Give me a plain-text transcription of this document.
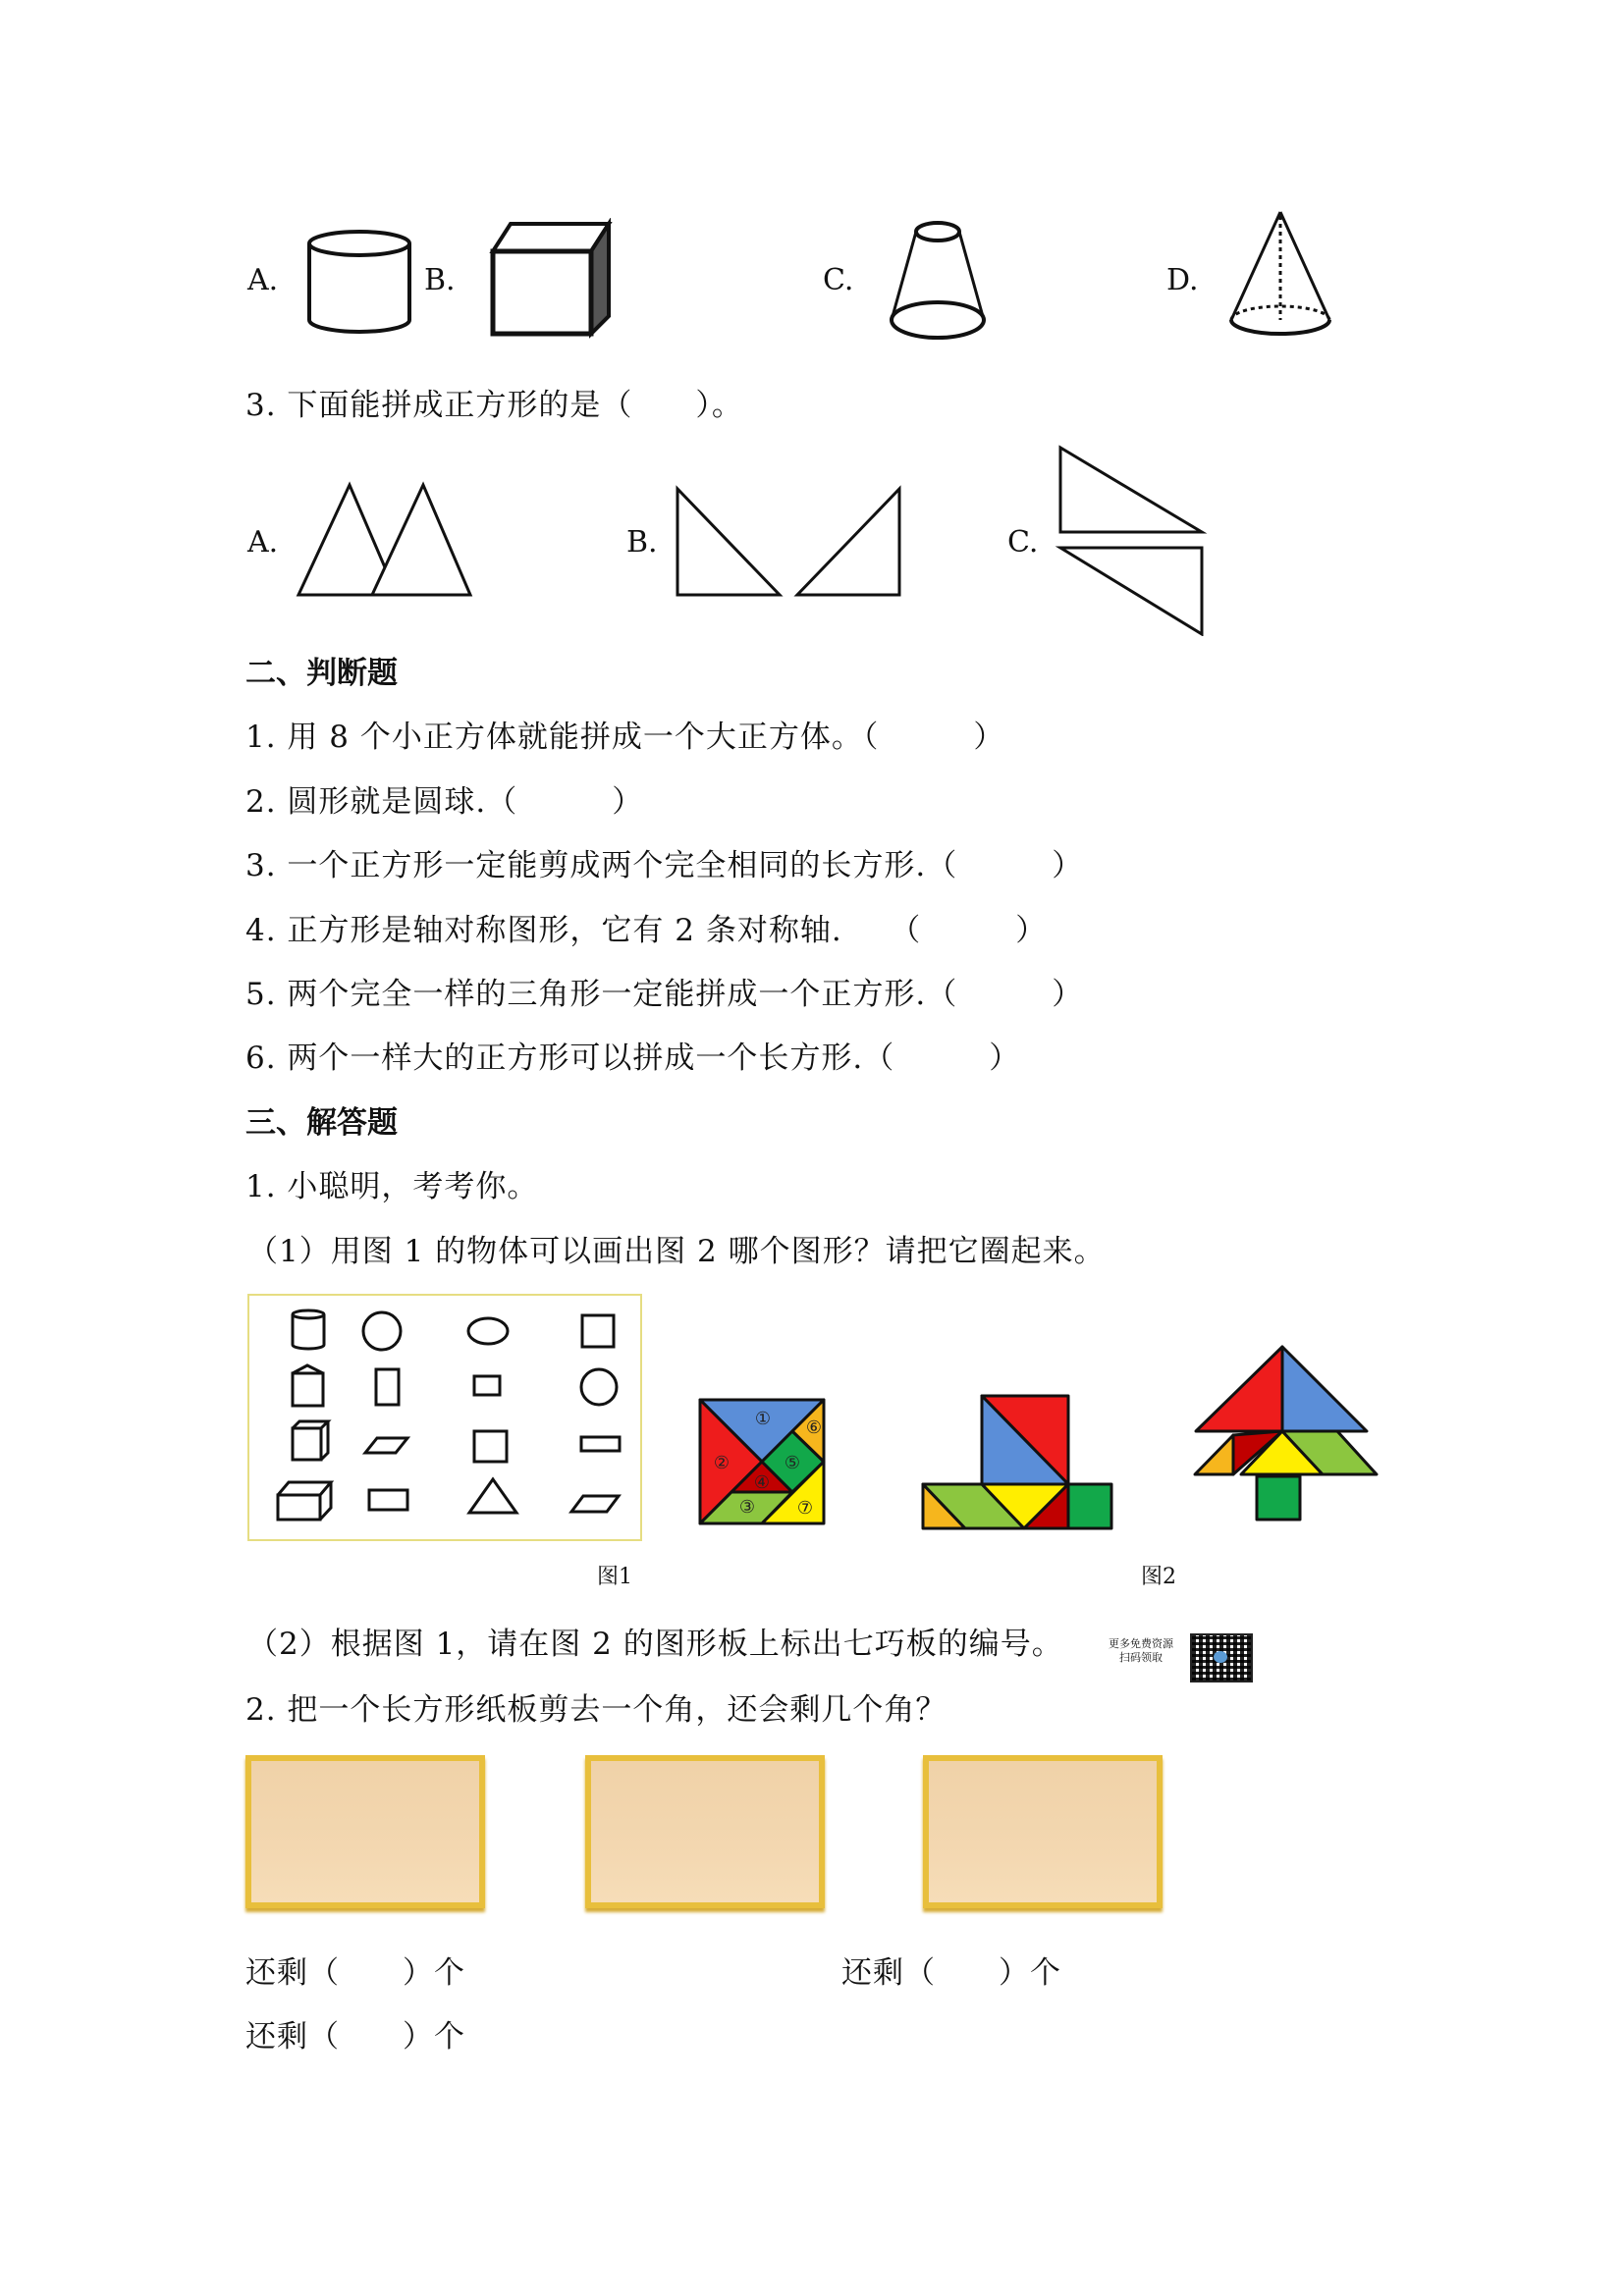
A.	B.	C.	D.
3. 下面能拼成正方形的是（　　）。
A.	B.	C.
二、判断题
1. 用 8 个小正方体就能拼成一个大正方体。（　　　）
2. 圆形就是圆球.（　　　）
3. 一个正方形一定能剪成两个完全相同的长方形.（　　　）
4. 正方形是轴对称图形，它有 2 条对称轴.　　（　　　）
5. 两个完全一样的三角形一定能拼成一个正方形.（　　　）
6. 两个一样大的正方形可以拼成一个长方形.（　　　）
三、解答题
1. 小聪明，考考你。
（1）用图 1 的物体可以画出图 2 哪个图形？请把它圈起来。
①
②
③
④
⑤
⑥
⑦
图1	图2
（2）根据图 1，请在图 2 的图形板上标出七巧板的编号。	更多免费资源
扫码领取
2. 把一个长方形纸板剪去一个角，还会剩几个角？
还剩（　　）个	还剩（　　）个
还剩（　　）个
